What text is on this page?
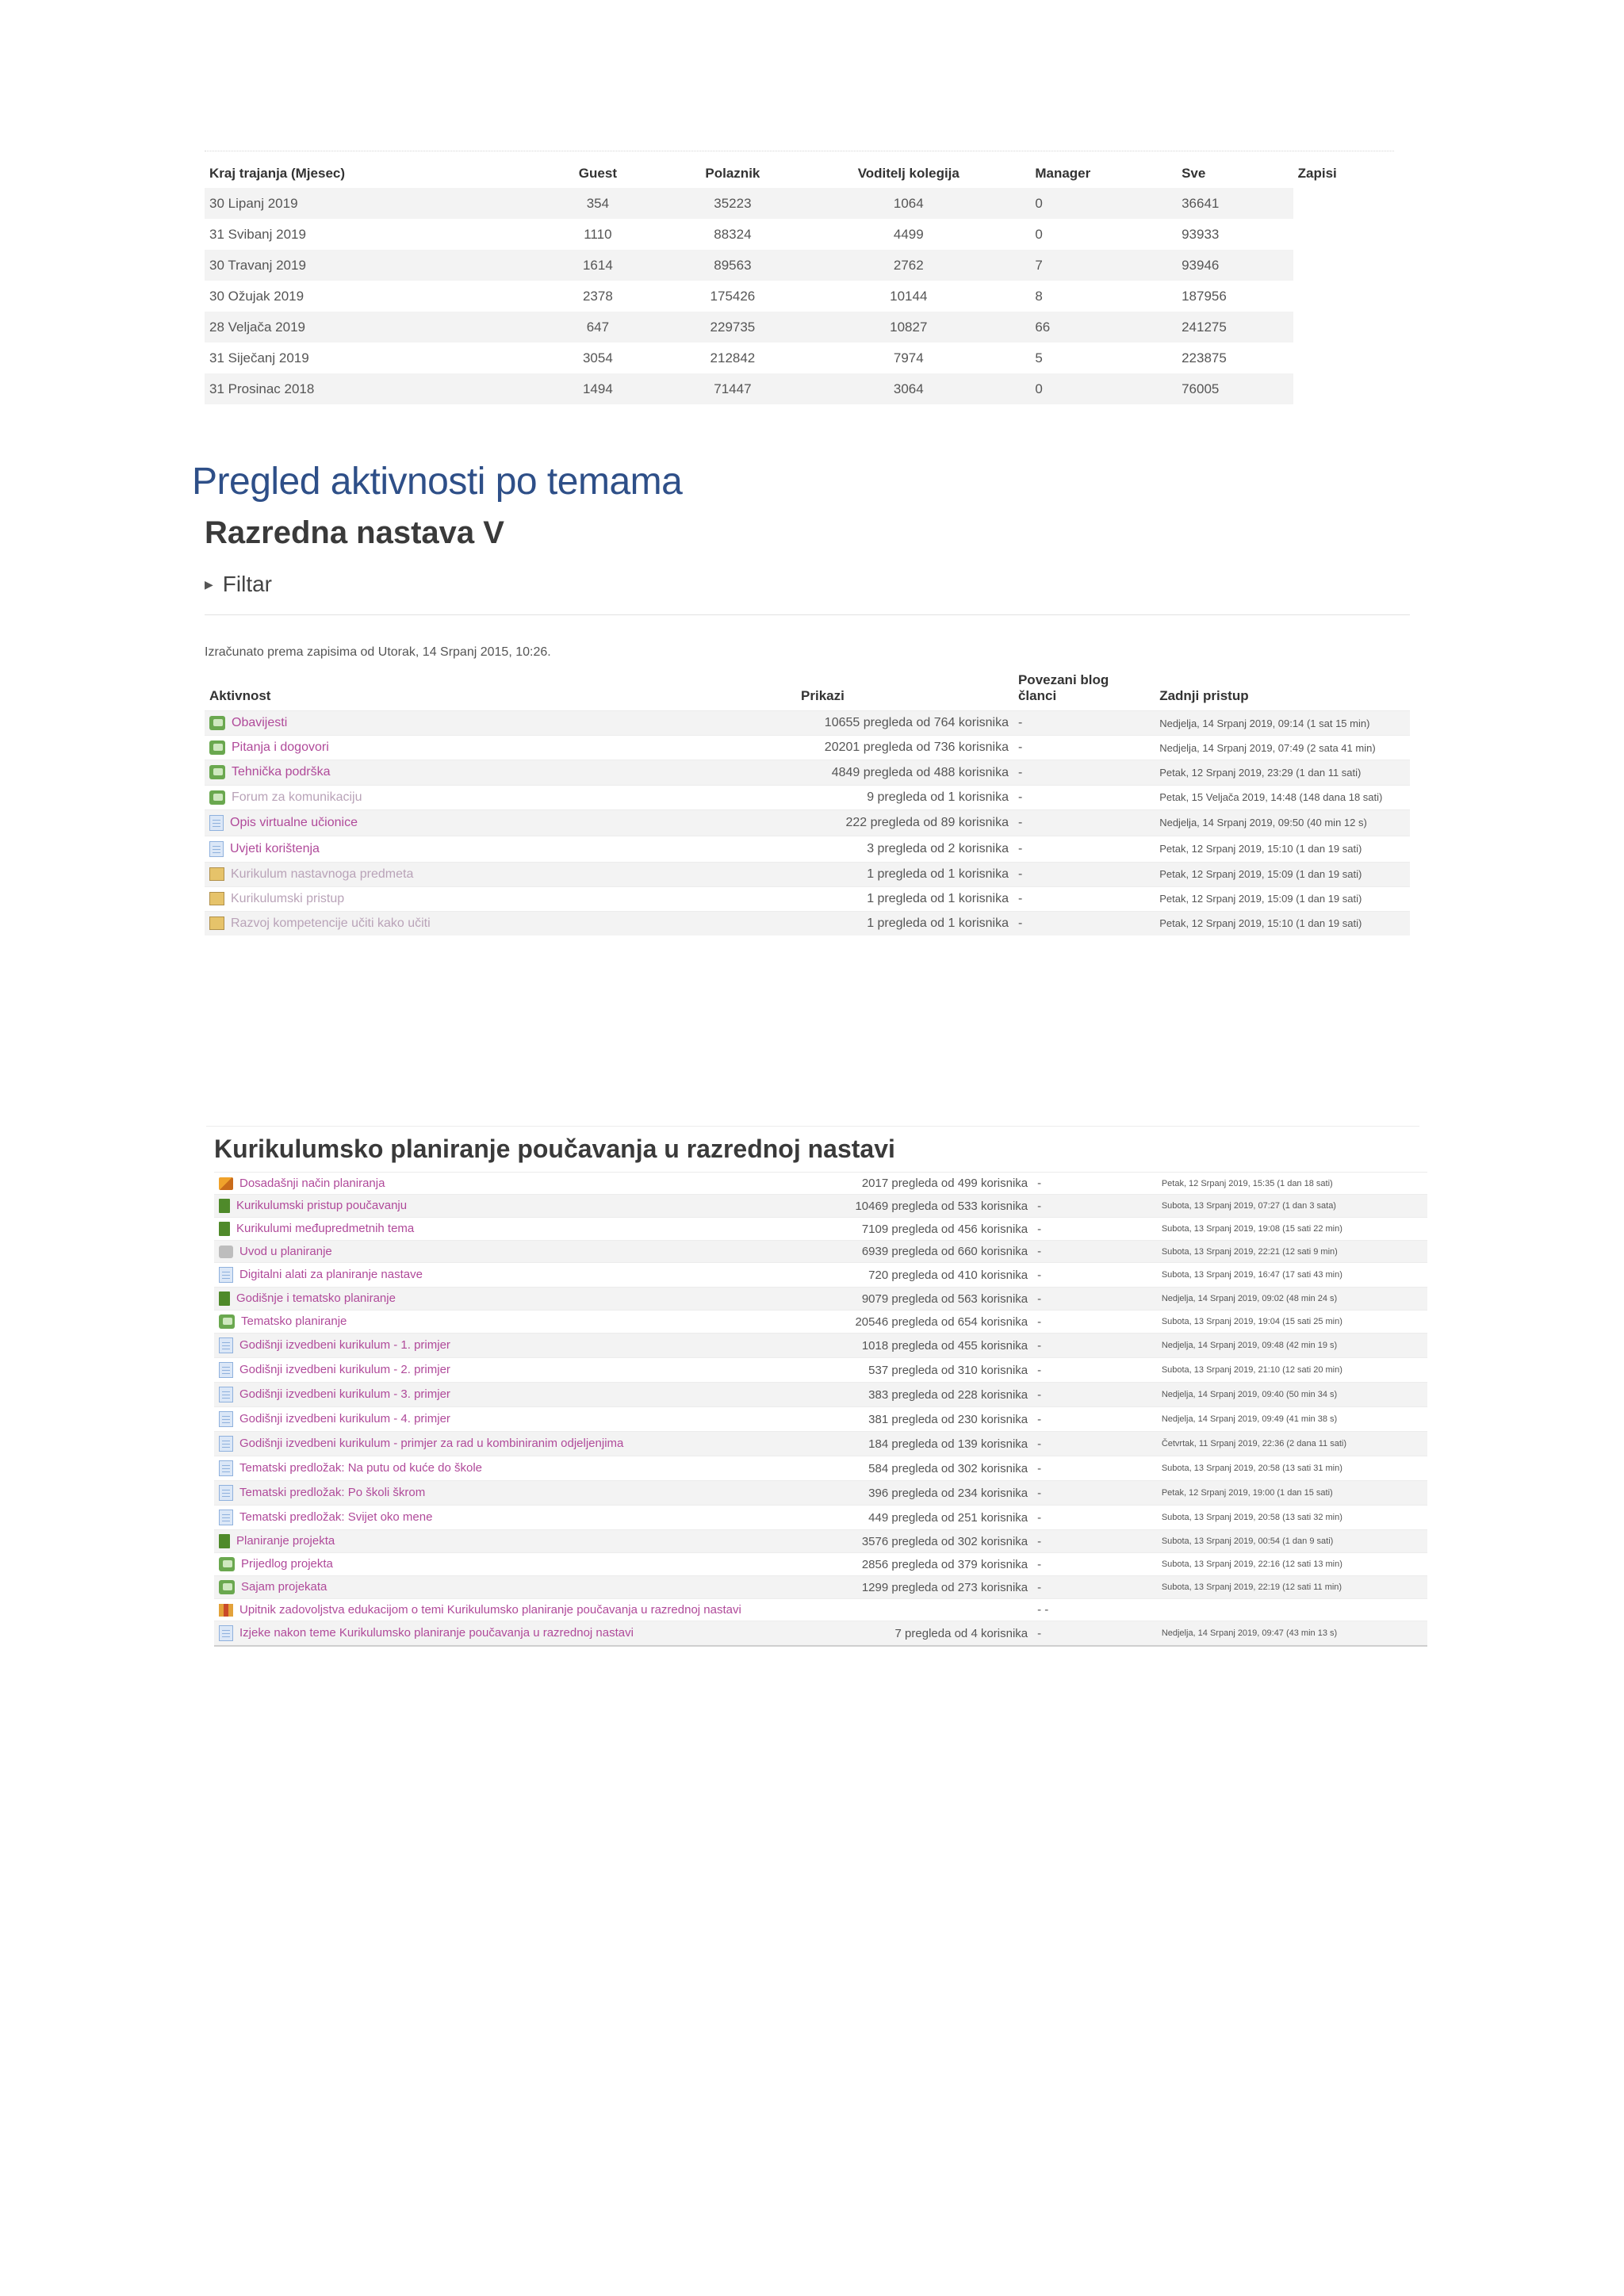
Kraj trajanja (Mjesec)	Guest	Polaznik	Voditelj kolegija	Manager	Sve	Zapisi
30 Lipanj 2019	354	35223	1064	0	36641	
31 Svibanj 2019	1110	88324	4499	0	93933	
30 Travanj 2019	1614	89563	2762	7	93946	
30 Ožujak 2019	2378	175426	10144	8	187956	
28 Veljača 2019	647	229735	10827	66	241275	
31 Siječanj 2019	3054	212842	7974	5	223875	
31 Prosinac 2018	1494	71447	3064	0	76005	
Pregled aktivnosti po temama
Razredna nastava V
▶ Filtar
Izračunato prema zapisima od Utorak, 14 Srpanj 2015, 10:26.
Aktivnost	Prikazi	Povezani blog članci	Zadnji pristup
Obavijesti	10655 pregleda od 764 korisnika	-	Nedjelja, 14 Srpanj 2019, 09:14 (1 sat 15 min)
Pitanja i dogovori	20201 pregleda od 736 korisnika	-	Nedjelja, 14 Srpanj 2019, 07:49 (2 sata 41 min)
Tehnička podrška	4849 pregleda od 488 korisnika	-	Petak, 12 Srpanj 2019, 23:29 (1 dan 11 sati)
Forum za komunikaciju	9 pregleda od 1 korisnika	-	Petak, 15 Veljača 2019, 14:48 (148 dana 18 sati)
Opis virtualne učionice	222 pregleda od 89 korisnika	-	Nedjelja, 14 Srpanj 2019, 09:50 (40 min 12 s)
Uvjeti korištenja	3 pregleda od 2 korisnika	-	Petak, 12 Srpanj 2019, 15:10 (1 dan 19 sati)
Kurikulum nastavnoga predmeta	1 pregleda od 1 korisnika	-	Petak, 12 Srpanj 2019, 15:09 (1 dan 19 sati)
Kurikulumski pristup	1 pregleda od 1 korisnika	-	Petak, 12 Srpanj 2019, 15:09 (1 dan 19 sati)
Razvoj kompetencije učiti kako učiti	1 pregleda od 1 korisnika	-	Petak, 12 Srpanj 2019, 15:10 (1 dan 19 sati)
Kurikulumsko planiranje poučavanja u razrednoj nastavi
Dosadašnji način planiranja	2017 pregleda od 499 korisnika	-	Petak, 12 Srpanj 2019, 15:35 (1 dan 18 sati)
Kurikulumski pristup poučavanju	10469 pregleda od 533 korisnika	-	Subota, 13 Srpanj 2019, 07:27 (1 dan 3 sata)
Kurikulumi međupredmetnih tema	7109 pregleda od 456 korisnika	-	Subota, 13 Srpanj 2019, 19:08 (15 sati 22 min)
Uvod u planiranje	6939 pregleda od 660 korisnika	-	Subota, 13 Srpanj 2019, 22:21 (12 sati 9 min)
Digitalni alati za planiranje nastave	720 pregleda od 410 korisnika	-	Subota, 13 Srpanj 2019, 16:47 (17 sati 43 min)
Godišnje i tematsko planiranje	9079 pregleda od 563 korisnika	-	Nedjelja, 14 Srpanj 2019, 09:02 (48 min 24 s)
Tematsko planiranje	20546 pregleda od 654 korisnika	-	Subota, 13 Srpanj 2019, 19:04 (15 sati 25 min)
Godišnji izvedbeni kurikulum - 1. primjer	1018 pregleda od 455 korisnika	-	Nedjelja, 14 Srpanj 2019, 09:48 (42 min 19 s)
Godišnji izvedbeni kurikulum - 2. primjer	537 pregleda od 310 korisnika	-	Subota, 13 Srpanj 2019, 21:10 (12 sati 20 min)
Godišnji izvedbeni kurikulum - 3. primjer	383 pregleda od 228 korisnika	-	Nedjelja, 14 Srpanj 2019, 09:40 (50 min 34 s)
Godišnji izvedbeni kurikulum - 4. primjer	381 pregleda od 230 korisnika	-	Nedjelja, 14 Srpanj 2019, 09:49 (41 min 38 s)
Godišnji izvedbeni kurikulum - primjer za rad u kombiniranim odjeljenjima	184 pregleda od 139 korisnika	-	Četvrtak, 11 Srpanj 2019, 22:36 (2 dana 11 sati)
Tematski predložak: Na putu od kuće do škole	584 pregleda od 302 korisnika	-	Subota, 13 Srpanj 2019, 20:58 (13 sati 31 min)
Tematski predložak: Po školi škrom	396 pregleda od 234 korisnika	-	Petak, 12 Srpanj 2019, 19:00 (1 dan 15 sati)
Tematski predložak: Svijet oko mene	449 pregleda od 251 korisnika	-	Subota, 13 Srpanj 2019, 20:58 (13 sati 32 min)
Planiranje projekta	3576 pregleda od 302 korisnika	-	Subota, 13 Srpanj 2019, 00:54 (1 dan 9 sati)
Prijedlog projekta	2856 pregleda od 379 korisnika	-	Subota, 13 Srpanj 2019, 22:16 (12 sati 13 min)
Sajam projekata	1299 pregleda od 273 korisnika	-	Subota, 13 Srpanj 2019, 22:19 (12 sati 11 min)
Upitnik zadovoljstva edukacijom o temi Kurikulumsko planiranje poučavanja u razrednoj nastavi		- -	
Izjeke nakon teme Kurikulumsko planiranje poučavanja u razrednoj nastavi	7 pregleda od 4 korisnika	-	Nedjelja, 14 Srpanj 2019, 09:47 (43 min 13 s)
